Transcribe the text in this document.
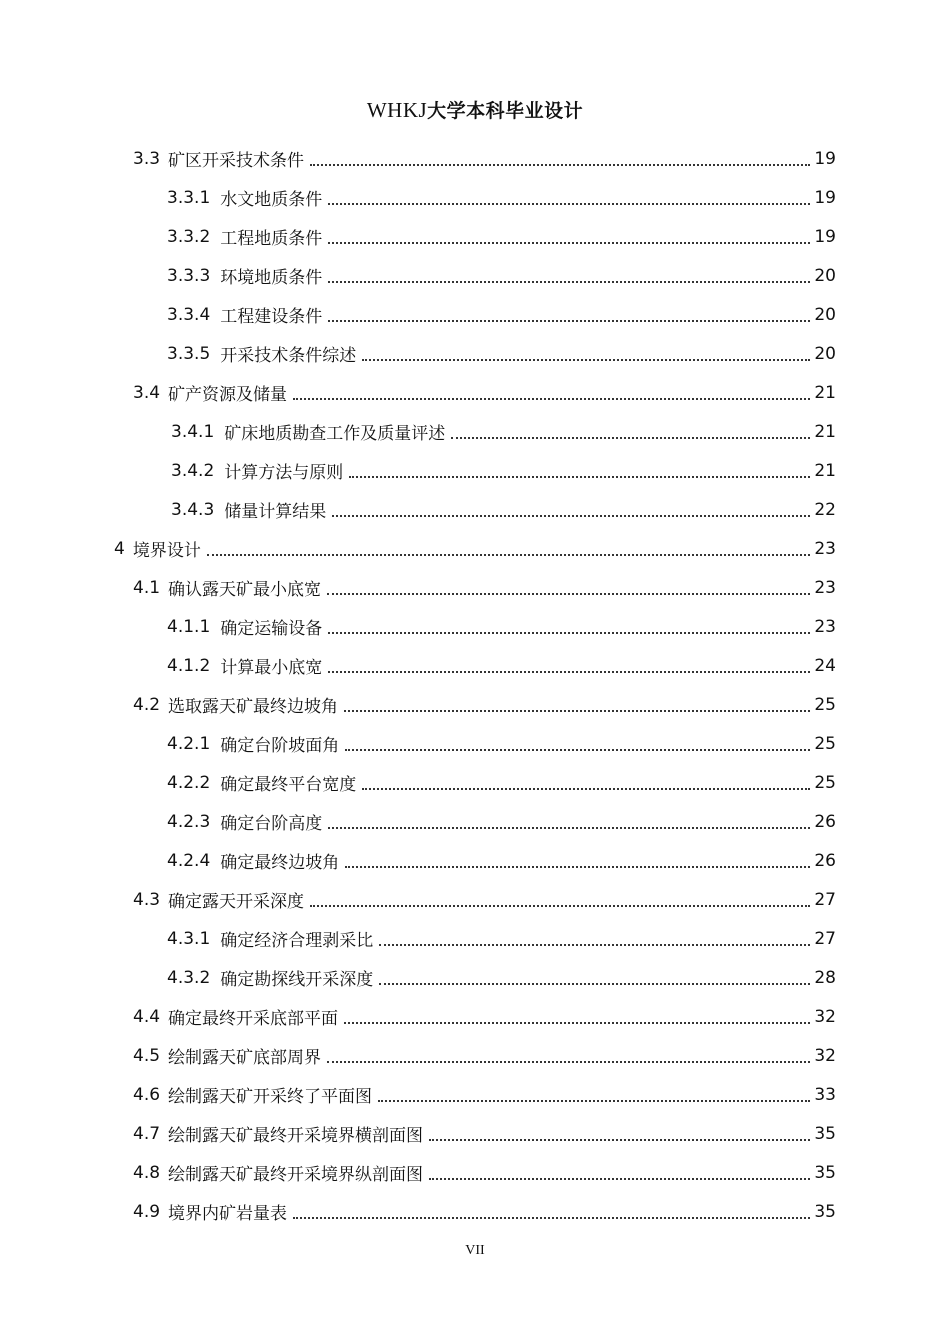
WHKJ大学本科毕业设计
3.3 矿区开采技术条件	19
3.3.1 水文地质条件	19
3.3.2 工程地质条件	19
3.3.3 环境地质条件	20
3.3.4 工程建设条件	20
3.3.5 开采技术条件综述	20
3.4 矿产资源及储量	21
3.4.1 矿床地质勘查工作及质量评述	21
3.4.2 计算方法与原则	21
3.4.3 储量计算结果	22
4 境界设计	23
4.1 确认露天矿最小底宽	23
4.1.1 确定运输设备	23
4.1.2 计算最小底宽	24
4.2 选取露天矿最终边坡角	25
4.2.1 确定台阶坡面角	25
4.2.2 确定最终平台宽度	25
4.2.3 确定台阶高度	26
4.2.4 确定最终边坡角	26
4.3 确定露天开采深度	27
4.3.1 确定经济合理剥采比	27
4.3.2 确定勘探线开采深度	28
4.4 确定最终开采底部平面	32
4.5 绘制露天矿底部周界	32
4.6 绘制露天矿开采终了平面图	33
4.7 绘制露天矿最终开采境界横剖面图	35
4.8 绘制露天矿最终开采境界纵剖面图	35
4.9 境界内矿岩量表	35
VII
